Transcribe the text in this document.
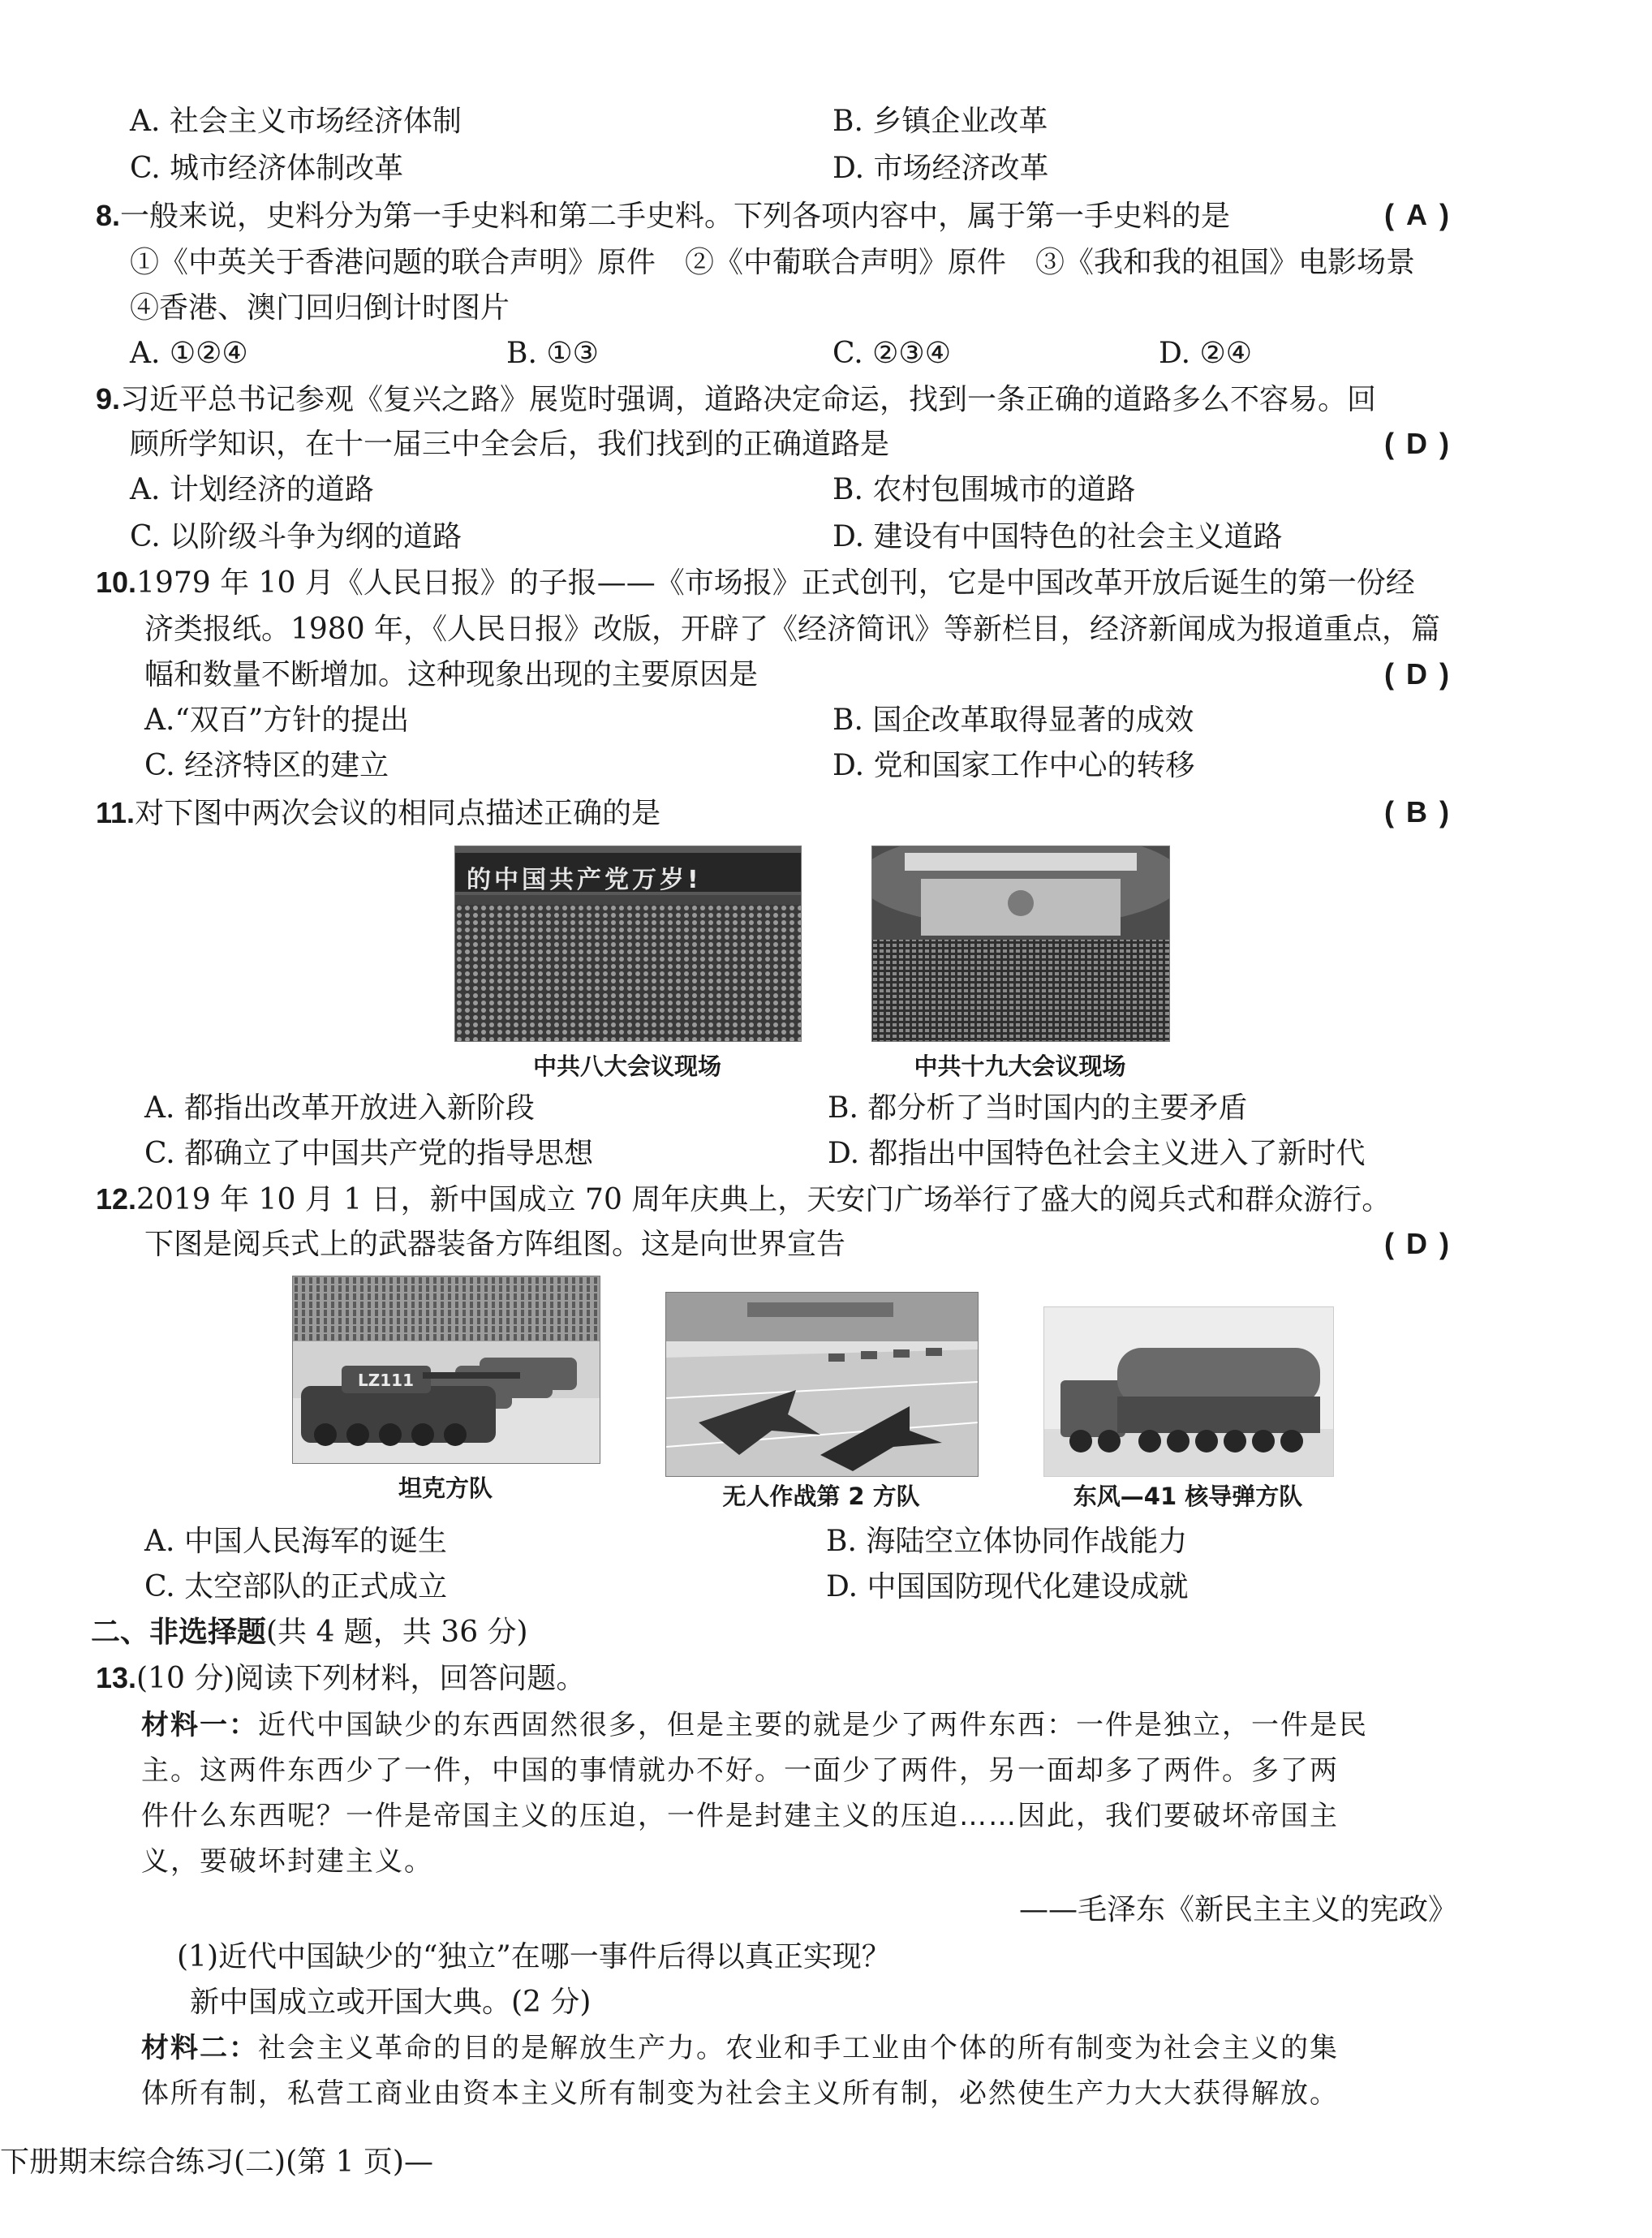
A. 社会主义市场经济体制	B. 乡镇企业改革
C. 城市经济体制改革	D. 市场经济改革
8.一般来说，史料分为第一手史料和第二手史料。下列各项内容中，属于第一手史料的是	( A )
①《中英关于香港问题的联合声明》原件　②《中葡联合声明》原件　③《我和我的祖国》电影场景
④香港、澳门回归倒计时图片
A. ①②④	B. ①③	C. ②③④	D. ②④
9.习近平总书记参观《复兴之路》展览时强调，道路决定命运，找到一条正确的道路多么不容易。回
顾所学知识，在十一届三中全会后，我们找到的正确道路是	( D )
A. 计划经济的道路	B. 农村包围城市的道路
C. 以阶级斗争为纲的道路	D. 建设有中国特色的社会主义道路
10.1979 年 10 月《人民日报》的子报——《市场报》正式创刊，它是中国改革开放后诞生的第一份经
济类报纸。1980 年，《人民日报》改版，开辟了《经济简讯》等新栏目，经济新闻成为报道重点，篇
幅和数量不断增加。这种现象出现的主要原因是	( D )
A.“双百”方针的提出	B. 国企改革取得显著的成效
C. 经济特区的建立	D. 党和国家工作中心的转移
11.对下图中两次会议的相同点描述正确的是	( B )
的中国共产党万岁!
中共八大会议现场	中共十九大会议现场
A. 都指出改革开放进入新阶段	B. 都分析了当时国内的主要矛盾
C. 都确立了中国共产党的指导思想	D. 都指出中国特色社会主义进入了新时代
12.2019 年 10 月 1 日，新中国成立 70 周年庆典上，天安门广场举行了盛大的阅兵式和群众游行。
下图是阅兵式上的武器装备方阵组图。这是向世界宣告	( D )
LZ111
坦克方队	无人作战第 2 方队	东风—41 核导弹方队
A. 中国人民海军的诞生	B. 海陆空立体协同作战能力
C. 太空部队的正式成立	D. 中国国防现代化建设成就
二、非选择题(共 4 题，共 36 分)
13.(10 分)阅读下列材料，回答问题。
材料一：近代中国缺少的东西固然很多，但是主要的就是少了两件东西：一件是独立，一件是民
主。这两件东西少了一件，中国的事情就办不好。一面少了两件，另一面却多了两件。多了两
件什么东西呢？一件是帝国主义的压迫，一件是封建主义的压迫……因此，我们要破坏帝国主
义，要破坏封建主义。
——毛泽东《新民主主义的宪政》
(1)近代中国缺少的“独立”在哪一事件后得以真正实现？
新中国成立或开国大典。(2 分)
材料二：社会主义革命的目的是解放生产力。农业和手工业由个体的所有制变为社会主义的集
体所有制，私营工商业由资本主义所有制变为社会主义所有制，必然使生产力大大获得解放。
下册期末综合练习(二)(第 1 页)—
